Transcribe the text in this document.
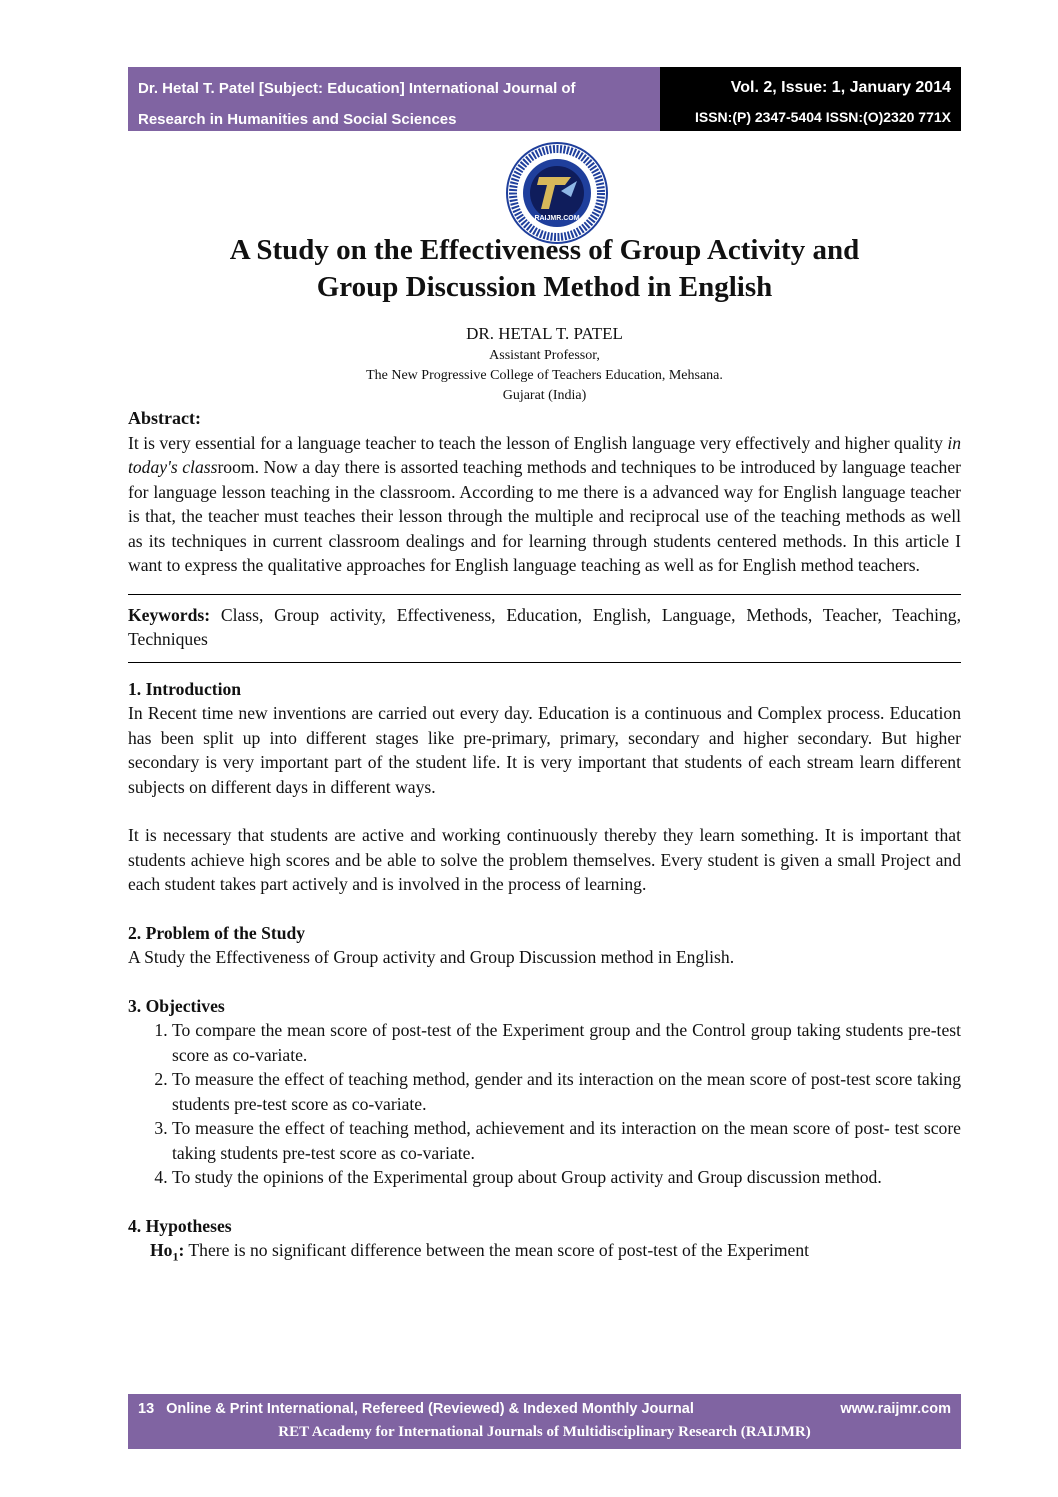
Dr. Hetal T. Patel [Subject: Education] International Journal of
Research in Humanities and Social Sciences
Vol. 2, Issue: 1, January 2014
ISSN:(P) 2347-5404 ISSN:(O)2320 771X
RAIJMR.COM
A Study on the Effectiveness of Group Activity and
Group Discussion Method in English
DR. HETAL T. PATEL
Assistant Professor,
The New Progressive College of Teachers Education, Mehsana.
Gujarat (India)
Abstract:

It is very essential for a language teacher to teach the lesson of English language very effectively and higher quality in today's classroom. Now a day there is assorted teaching methods and techniques to be introduced by language teacher for language lesson teaching in the classroom. According to me there is a advanced way for English language teacher is that, the teacher must teaches their lesson through the multiple and reciprocal use of the teaching methods as well as its techniques in current classroom dealings and for learning through students centered methods. In this article I want to express the qualitative approaches for English language teaching as well as for English method teachers.

Keywords: Class, Group activity, Effectiveness, Education, English, Language, Methods, Teacher, Teaching, Techniques

1. Introduction

In Recent time new inventions are carried out every day. Education is a continuous and Complex process. Education has been split up into different stages like pre-primary, primary, secondary and higher secondary. But higher secondary is very important part of the student life. It is very important that students of each stream learn different subjects on different days in different ways.

It is necessary that students are active and working continuously thereby they learn something. It is important that students achieve high scores and be able to solve the problem themselves. Every student is given a small Project and each student takes part actively and is involved in the process of learning.

2. Problem of the Study

A Study the Effectiveness of Group activity and Group Discussion method in English.

3. Objectives
1. To compare the mean score of post-test of the Experiment group and the Control group taking students pre-test score as co-variate.
2. To measure the effect of teaching method, gender and its interaction on the mean score of post-test score taking students pre-test score as co-variate.
3. To measure the effect of teaching method, achievement and its interaction on the mean score of post- test score taking students pre-test score as co-variate.
4. To study the opinions of the Experimental group about Group activity and Group discussion method.
4. Hypotheses

$Ho_1$: There is no significant difference between the mean score of post-test of the Experiment

13 Online & Print International, Refereed (Reviewed) & Indexed Monthly Journal	www.raijmr.com
RET Academy for International Journals of Multidisciplinary Research (RAIJMR)
